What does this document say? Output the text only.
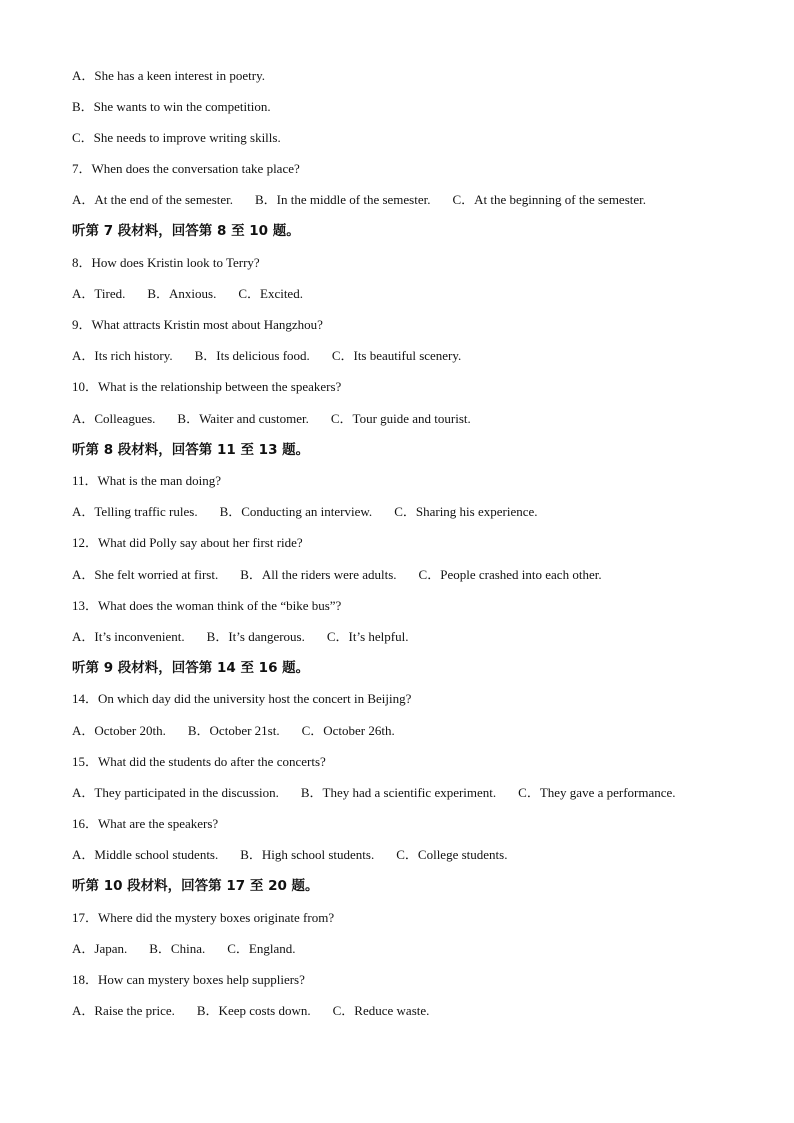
A．She has a keen interest in poetry.
B．She wants to win the competition.
C．She needs to improve writing skills.
7．When does the conversation take place?
A．At the end of the semester. B．In the middle of the semester. C．At the beginning of the semester.
听第 7 段材料，回答第 8 至 10 题。
8．How does Kristin look to Terry?
A．Tired. B．Anxious. C．Excited.
9．What attracts Kristin most about Hangzhou?
A．Its rich history. B．Its delicious food. C．Its beautiful scenery.
10．What is the relationship between the speakers?
A．Colleagues. B．Waiter and customer. C．Tour guide and tourist.
听第 8 段材料，回答第 11 至 13 题。
11．What is the man doing?
A．Telling traffic rules. B．Conducting an interview. C．Sharing his experience.
12．What did Polly say about her first ride?
A．She felt worried at first. B．All the riders were adults. C．People crashed into each other.
13．What does the woman think of the “bike bus”?
A．It’s inconvenient. B．It’s dangerous. C．It’s helpful.
听第 9 段材料，回答第 14 至 16 题。
14．On which day did the university host the concert in Beijing?
A．October 20th. B．October 21st. C．October 26th.
15．What did the students do after the concerts?
A．They participated in the discussion. B．They had a scientific experiment. C．They gave a performance.
16．What are the speakers?
A．Middle school students. B．High school students. C．College students.
听第 10 段材料，回答第 17 至 20 题。
17．Where did the mystery boxes originate from?
A．Japan. B．China. C．England.
18．How can mystery boxes help suppliers?
A．Raise the price. B．Keep costs down. C．Reduce waste.
